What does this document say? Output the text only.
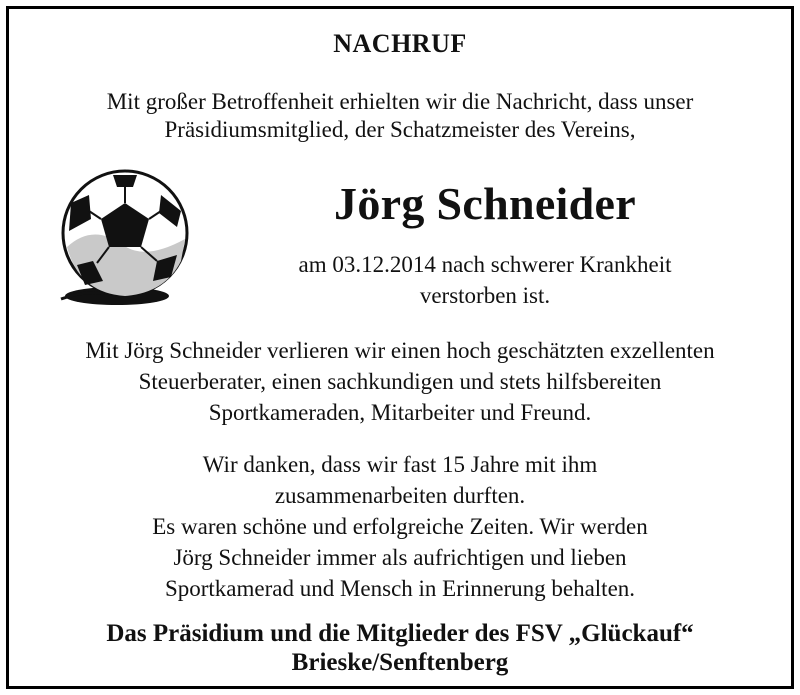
NACHRUF
Mit großer Betroffenheit erhielten wir die Nachricht, dass unser
Präsidiumsmitglied, der Schatzmeister des Vereins,
Jörg Schneider
am 03.12.2014 nach schwerer Krankheit
verstorben ist.
Mit Jörg Schneider verlieren wir einen hoch geschätzten exzellenten
Steuerberater, einen sachkundigen und stets hilfsbereiten
Sportkameraden, Mitarbeiter und Freund.
Wir danken, dass wir fast 15 Jahre mit ihm
zusammenarbeiten durften.
Es waren schöne und erfolgreiche Zeiten. Wir werden
Jörg Schneider immer als aufrichtigen und lieben
Sportkamerad und Mensch in Erinnerung behalten.
Das Präsidium und die Mitglieder des FSV „Glückauf“
Brieske/Senftenberg
